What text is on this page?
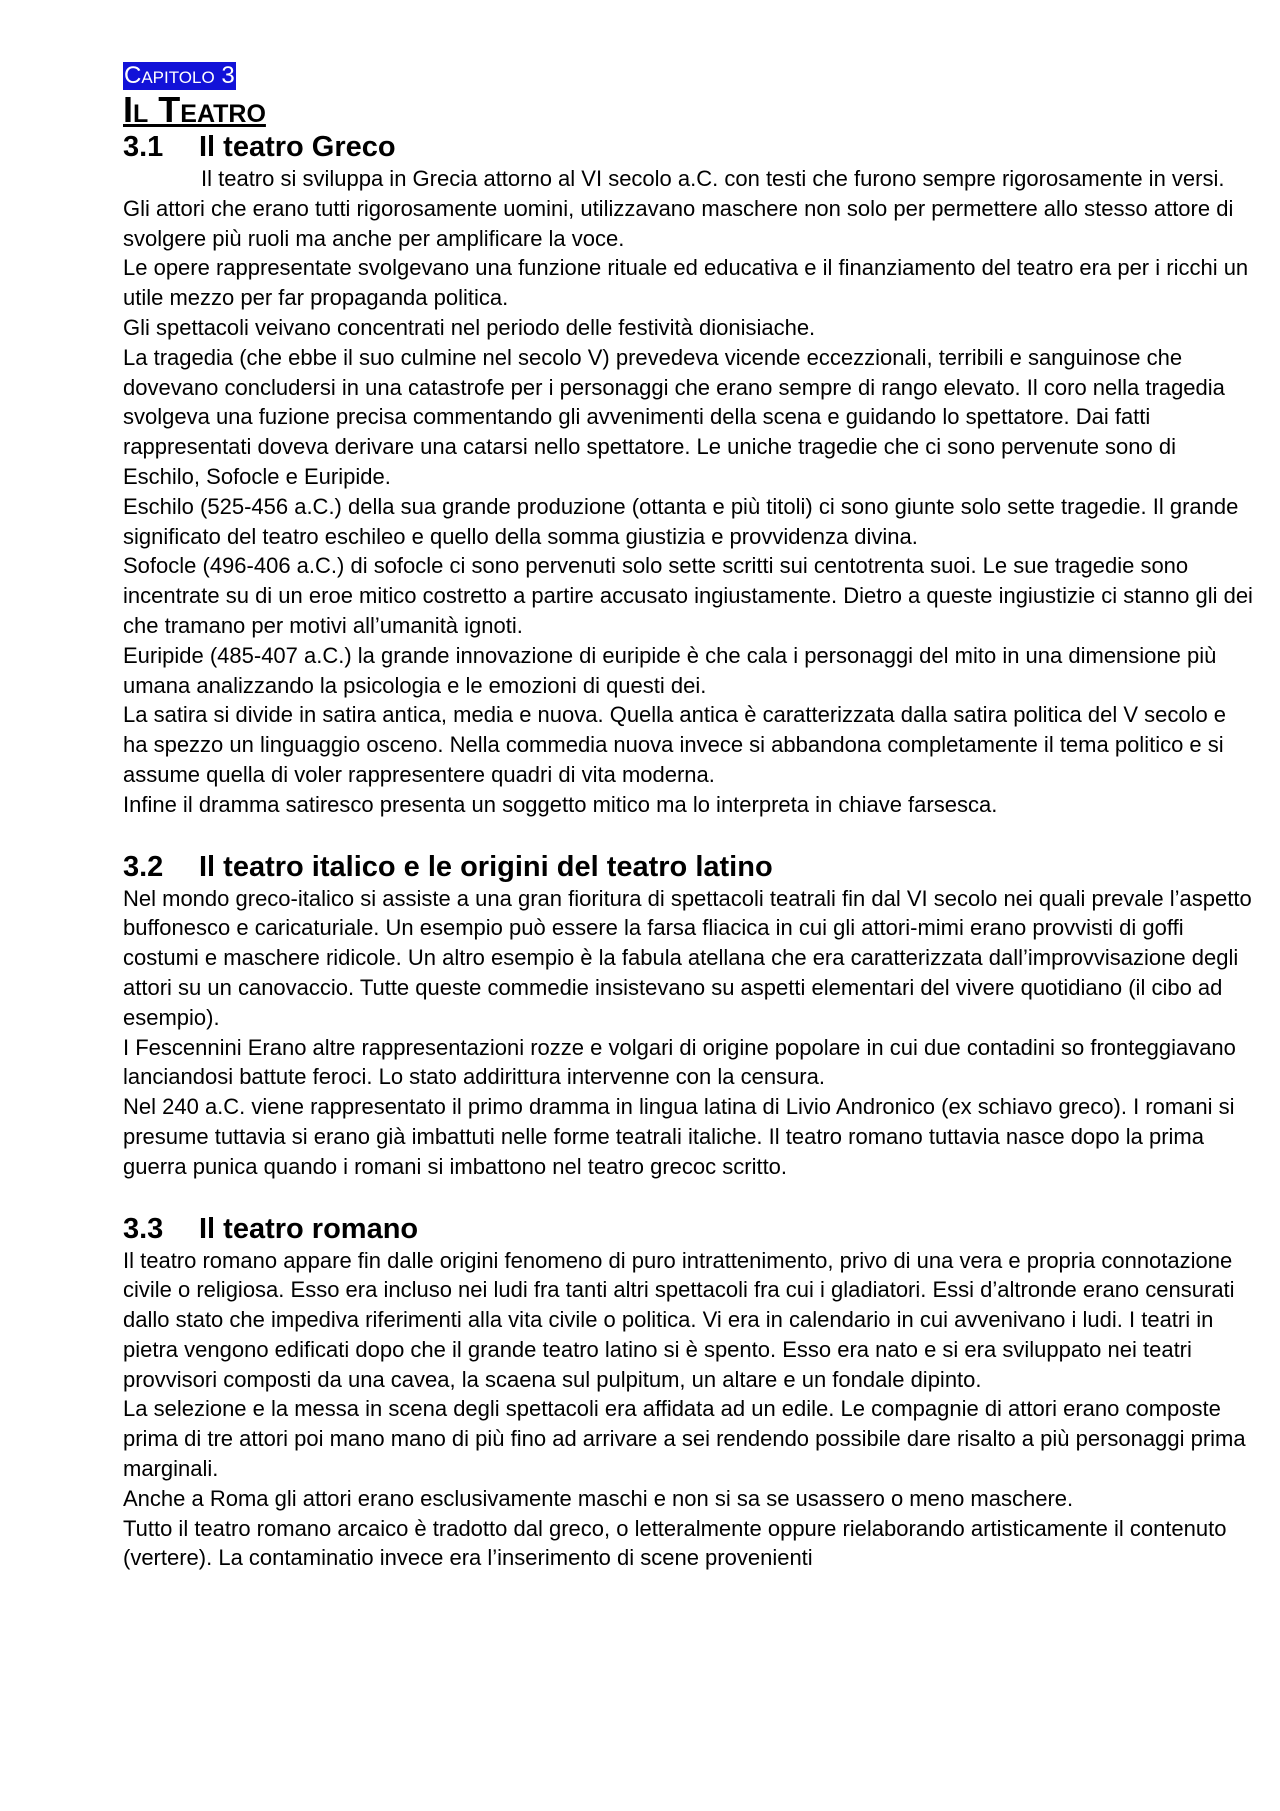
Capitolo 3
Il Teatro
3.1 Il teatro Greco

Il teatro si sviluppa in Grecia attorno al VI secolo a.C. con testi che furono sempre rigorosamente in versi. Gli attori che erano tutti rigorosamente uomini, utilizzavano maschere non solo per permettere allo stesso attore di svolgere più ruoli ma anche per amplificare la voce.

Le opere rappresentate svolgevano una funzione rituale ed educativa e il finanziamento del teatro era per i ricchi un utile mezzo per far propaganda politica.

Gli spettacoli veivano concentrati nel periodo delle festività dionisiache.

La tragedia (che ebbe il suo culmine nel secolo V) prevedeva vicende eccezzionali, terribili e sanguinose che dovevano concludersi in una catastrofe per i personaggi che erano sempre di rango elevato. Il coro nella tragedia svolgeva una fuzione precisa commentando gli avvenimenti della scena e guidando lo spettatore. Dai fatti rappresentati doveva derivare una catarsi nello spettatore. Le uniche tragedie che ci sono pervenute sono di Eschilo, Sofocle e Euripide.

Eschilo (525-456 a.C.) della sua grande produzione (ottanta e più titoli) ci sono giunte solo sette tragedie. Il grande significato del teatro eschileo e quello della somma giustizia e provvidenza divina.

Sofocle (496-406 a.C.) di sofocle ci sono pervenuti solo sette scritti sui centotrenta suoi. Le sue tragedie sono incentrate su di un eroe mitico costretto a partire accusato ingiustamente. Dietro a queste ingiustizie ci stanno gli dei che tramano per motivi all’umanità ignoti.

Euripide (485-407 a.C.) la grande innovazione di euripide è che cala i personaggi del mito in una dimensione più umana analizzando la psicologia e le emozioni di questi dei.

La satira si divide in satira antica, media e nuova. Quella antica è caratterizzata dalla satira politica del V secolo e ha spezzo un linguaggio osceno. Nella commedia nuova invece si abbandona completamente il tema politico e si assume quella di voler rappresentere quadri di vita moderna.

Infine il dramma satiresco presenta un soggetto mitico ma lo interpreta in chiave farsesca.

3.2 Il teatro italico e le origini del teatro latino

Nel mondo greco-italico si assiste a una gran fioritura di spettacoli teatrali fin dal VI secolo nei quali prevale l’aspetto buffonesco e caricaturiale. Un esempio può essere la farsa fliacica in cui gli attori-mimi erano provvisti di goffi costumi e maschere ridicole. Un altro esempio è la fabula atellana che era caratterizzata dall’improvvisazione degli attori su un canovaccio. Tutte queste commedie insistevano su aspetti elementari del vivere quotidiano (il cibo ad esempio).

I Fescennini Erano altre rappresentazioni rozze e volgari di origine popolare in cui due contadini so fronteggiavano lanciandosi battute feroci. Lo stato addirittura intervenne con la censura.

Nel 240 a.C. viene rappresentato il primo dramma in lingua latina di Livio Andronico (ex schiavo greco). I romani si presume tuttavia si erano già imbattuti nelle forme teatrali italiche. Il teatro romano tuttavia nasce dopo la prima guerra punica quando i romani si imbattono nel teatro grecoc scritto.

3.3 Il teatro romano

Il teatro romano appare fin dalle origini fenomeno di puro intrattenimento, privo di una vera e propria connotazione civile o religiosa. Esso era incluso nei ludi fra tanti altri spettacoli fra cui i gladiatori. Essi d’altronde erano censurati dallo stato che impediva riferimenti alla vita civile o politica. Vi era in calendario in cui avvenivano i ludi. I teatri in pietra vengono edificati dopo che il grande teatro latino si è spento. Esso era nato e si era sviluppato nei teatri provvisori composti da una cavea, la scaena sul pulpitum, un altare e un fondale dipinto.

La selezione e la messa in scena degli spettacoli era affidata ad un edile. Le compagnie di attori erano composte prima di tre attori poi mano mano di più fino ad arrivare a sei rendendo possibile dare risalto a più personaggi prima marginali.

Anche a Roma gli attori erano esclusivamente maschi e non si sa se usassero o meno maschere.

Tutto il teatro romano arcaico è tradotto dal greco, o letteralmente oppure rielaborando artisticamente il contenuto (vertere). La contaminatio invece era l’inserimento di scene provenienti
